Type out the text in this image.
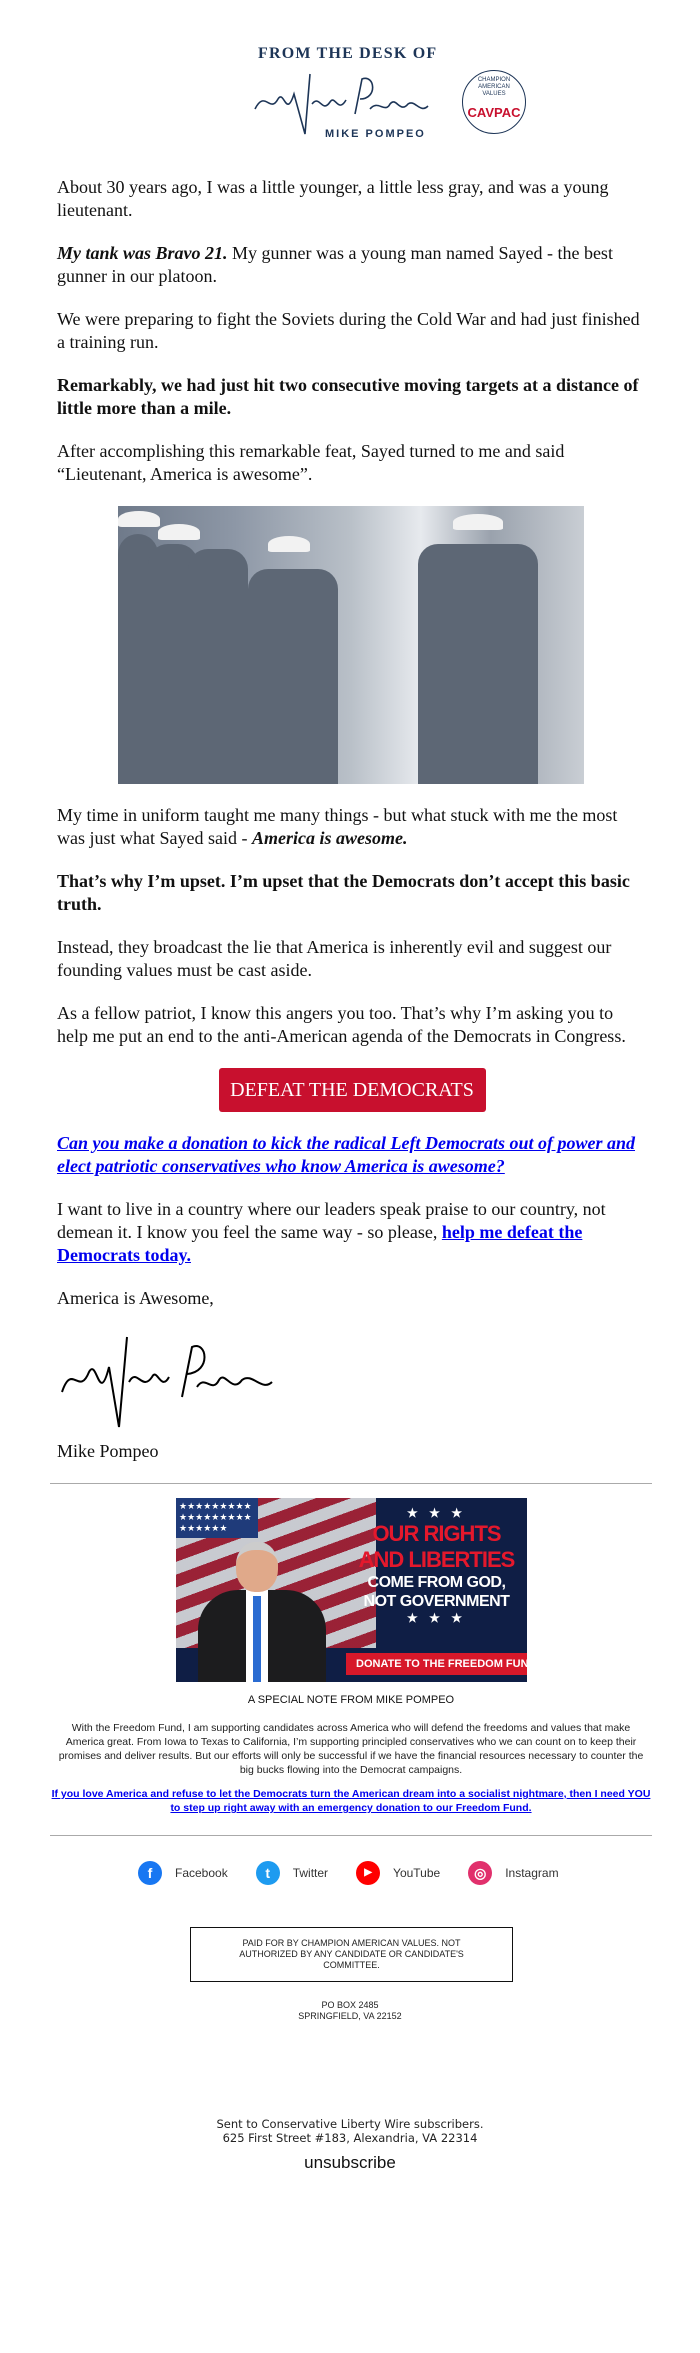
FROM THE DESK OF
MIKE POMPEO
CHAMPION AMERICAN VALUES
CAVPAC

About 30 years ago, I was a little younger, a little less gray, and was a young lieutenant.

My tank was Bravo 21. My gunner was a young man named Sayed - the best gunner in our platoon.

We were preparing to fight the Soviets during the Cold War and had just finished a training run.

Remarkably, we had just hit two consecutive moving targets at a distance of little more than a mile.

After accomplishing this remarkable feat, Sayed turned to me and said “Lieutenant, America is awesome”.

My time in uniform taught me many things - but what stuck with me the most was just what Sayed said - America is awesome.

That’s why I’m upset. I’m upset that the Democrats don’t accept this basic truth.

Instead, they broadcast the lie that America is inherently evil and suggest our founding values must be cast aside.

As a fellow patriot, I know this angers you too. That’s why I’m asking you to help me put an end to the anti-American agenda of the Democrats in Congress.

DEFEAT THE DEMOCRATS

Can you make a donation to kick the radical Left Democrats out of power and elect patriotic conservatives who know America is awesome?

I want to live in a country where our leaders speak praise to our country, not demean it. I know you feel the same way - so please, help me defeat the Democrats today.

America is Awesome,

Mike Pompeo

★★★★★★★★★★★★★★★★★★★★★★★★
★ ★ ★
OUR RIGHTS
AND LIBERTIES
COME FROM GOD,
NOT GOVERNMENT
★ ★ ★
DONATE TO THE FREEDOM FUND →
A SPECIAL NOTE FROM MIKE POMPEO
With the Freedom Fund, I am supporting candidates across America who will defend the freedoms and values that make America great. From Iowa to Texas to California, I’m supporting principled conservatives who we can count on to keep their promises and deliver results. But our efforts will only be successful if we have the financial resources necessary to counter the big bucks flowing into the Democrat campaigns.
If you love America and refuse to let the Democrats turn the American dream into a socialist nightmare, then I need YOU to step up right away with an emergency donation to our Freedom Fund.
f	Facebook	t	Twitter	▶	YouTube	◎	Instagram
PAID FOR BY CHAMPION AMERICAN VALUES. NOT AUTHORIZED BY ANY CANDIDATE OR CANDIDATE'S COMMITTEE.
PO BOX 2485
SPRINGFIELD, VA 22152
Sent to Conservative Liberty Wire subscribers.
625 First Street #183, Alexandria, VA 22314
unsubscribe
